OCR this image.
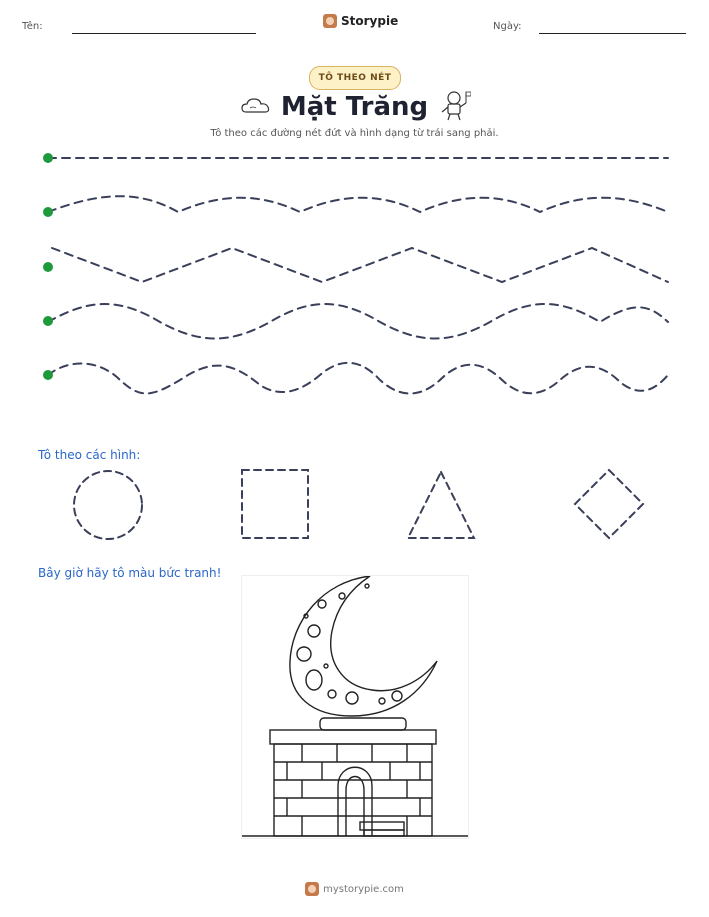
Tên:	Storypie	Ngày:
TÔ THEO NÉT
Mặt Trăng
Tô theo các đường nét đứt và hình dạng từ trái sang phải.
Tô theo các hình:
Bây giờ hãy tô màu bức tranh!
mystorypie.com
